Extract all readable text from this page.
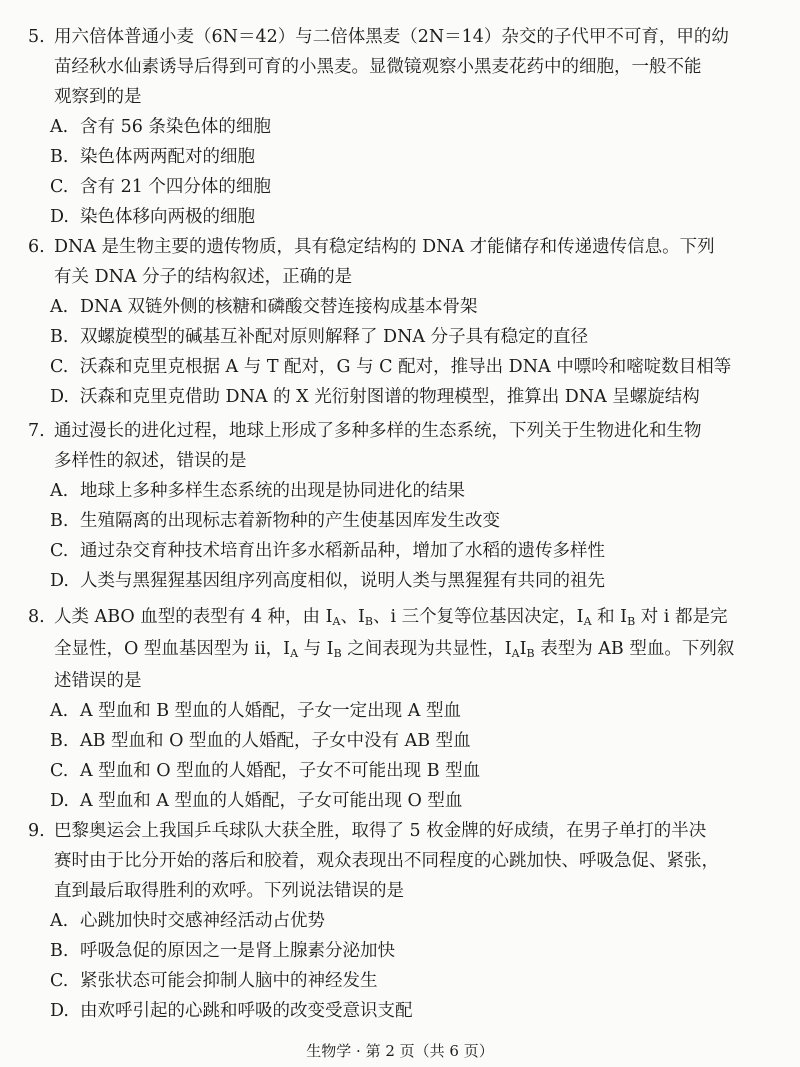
5. 用六倍体普通小麦（6N＝42）与二倍体黑麦（2N＝14）杂交的子代甲不可育，甲的幼
苗经秋水仙素诱导后得到可育的小黑麦。显微镜观察小黑麦花药中的细胞，一般不能
观察到的是
A. 含有 56 条染色体的细胞
B. 染色体两两配对的细胞
C. 含有 21 个四分体的细胞
D. 染色体移向两极的细胞
6. DNA 是生物主要的遗传物质，具有稳定结构的 DNA 才能储存和传递遗传信息。下列
有关 DNA 分子的结构叙述，正确的是
A. DNA 双链外侧的核糖和磷酸交替连接构成基本骨架
B. 双螺旋模型的碱基互补配对原则解释了 DNA 分子具有稳定的直径
C. 沃森和克里克根据 A 与 T 配对，G 与 C 配对，推导出 DNA 中嘌呤和嘧啶数目相等
D. 沃森和克里克借助 DNA 的 X 光衍射图谱的物理模型，推算出 DNA 呈螺旋结构
7. 通过漫长的进化过程，地球上形成了多种多样的生态系统，下列关于生物进化和生物
多样性的叙述，错误的是
A. 地球上多种多样生态系统的出现是协同进化的结果
B. 生殖隔离的出现标志着新物种的产生使基因库发生改变
C. 通过杂交育种技术培育出许多水稻新品种，增加了水稻的遗传多样性
D. 人类与黑猩猩基因组序列高度相似，说明人类与黑猩猩有共同的祖先
8. 人类 ABO 血型的表型有 4 种，由 IA、IB、i 三个复等位基因决定，IA 和 IB 对 i 都是完
全显性，O 型血基因型为 ii，IA 与 IB 之间表现为共显性，IAIB 表型为 AB 型血。下列叙
述错误的是
A. A 型血和 B 型血的人婚配，子女一定出现 A 型血
B. AB 型血和 O 型血的人婚配，子女中没有 AB 型血
C. A 型血和 O 型血的人婚配，子女不可能出现 B 型血
D. A 型血和 A 型血的人婚配，子女可能出现 O 型血
9. 巴黎奥运会上我国乒乓球队大获全胜，取得了 5 枚金牌的好成绩，在男子单打的半决
赛时由于比分开始的落后和胶着，观众表现出不同程度的心跳加快、呼吸急促、紧张，
直到最后取得胜利的欢呼。下列说法错误的是
A. 心跳加快时交感神经活动占优势
B. 呼吸急促的原因之一是肾上腺素分泌加快
C. 紧张状态可能会抑制人脑中的神经发生
D. 由欢呼引起的心跳和呼吸的改变受意识支配
生物学 · 第 2 页（共 6 页）
